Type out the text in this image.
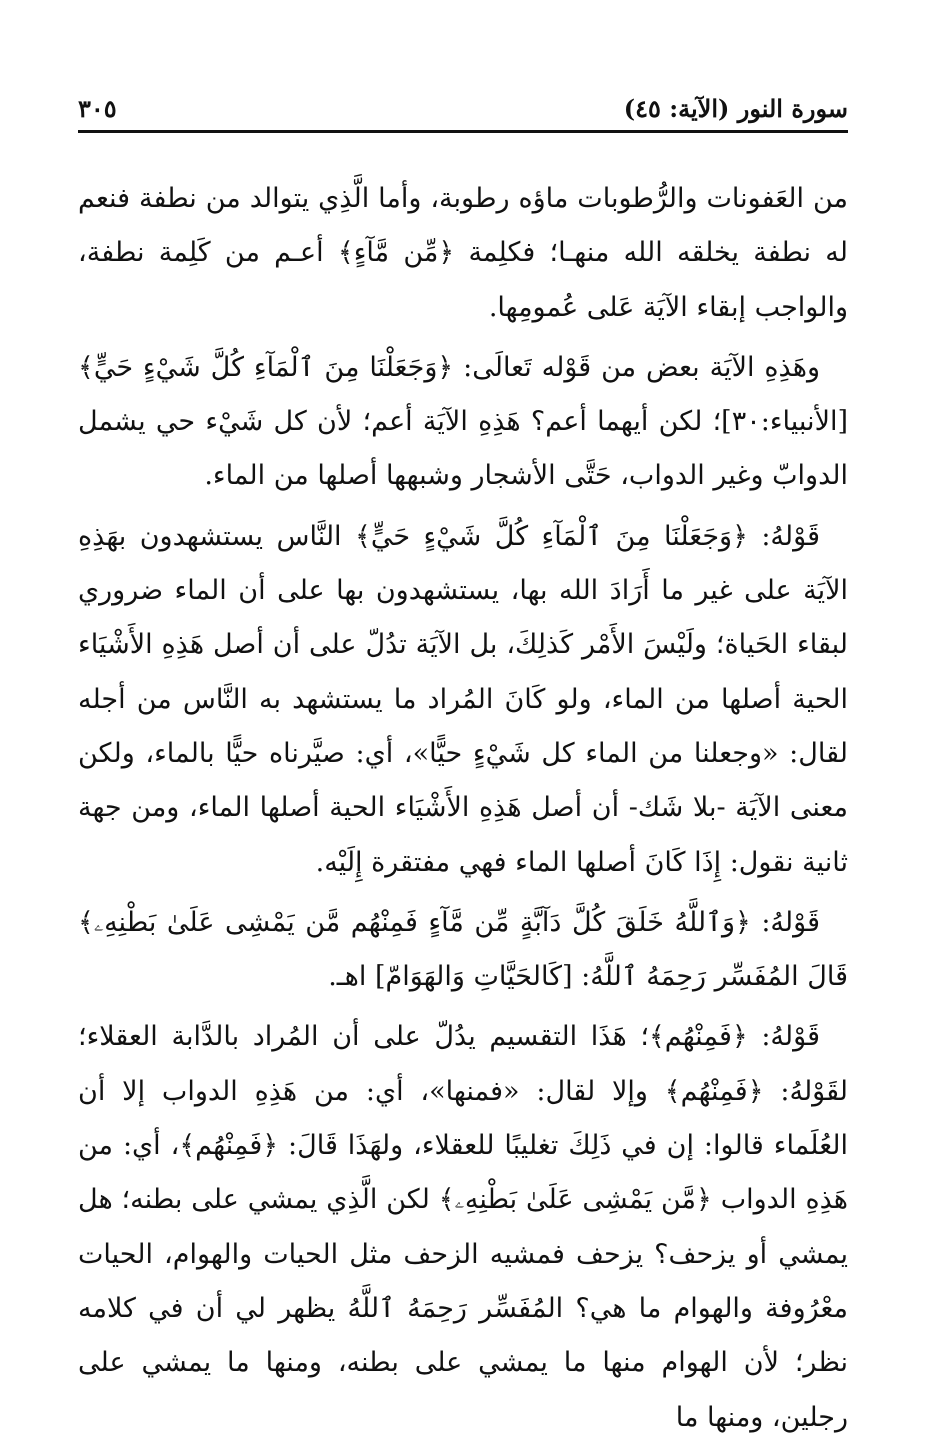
سورة النور (الآية: ٤٥)
٣٠٥

من العَفونات والرُّطوبات ماؤه رطوبة، وأما الَّذِي يتوالد من نطفة فنعم له نطفة يخلقه الله منهـا؛ فكلِمة ﴿مِّن مَّآءٍ﴾ أعـم من كَلِمة نطفة، والواجب إبقاء الآيَة عَلى عُمومِها.

وهَذِهِ الآيَة بعض من قَوْله تَعالَى: ﴿وَجَعَلْنَا مِنَ ٱلْمَآءِ كُلَّ شَيْءٍ حَيٍّ﴾ [الأنبياء:٣٠]؛ لكن أيهما أعم؟ هَذِهِ الآيَة أعم؛ لأن كل شَيْء حي يشمل الدوابّ وغير الدواب، حَتَّى الأشجار وشبهها أصلها من الماء.

قَوْلهُ: ﴿وَجَعَلْنَا مِنَ ٱلْمَآءِ كُلَّ شَيْءٍ حَيٍّ﴾ النَّاس يستشهدون بهَذِهِ الآيَة على غير ما أَرَادَ الله بها، يستشهدون بها على أن الماء ضروري لبقاء الحَياة؛ ولَيْسَ الأَمْر كَذلِكَ، بل الآيَة تدُلّ على أن أصل هَذِهِ الأَشْيَاء الحية أصلها من الماء، ولو كَانَ المُراد ما يستشهد به النَّاس من أجله لقال: «وجعلنا من الماء كل شَيْءٍ حيًّا»، أي: صيَّرناه حيًّا بالماء، ولكن معنى الآيَة -بلا شَك- أن أصل هَذِهِ الأَشْيَاء الحية أصلها الماء، ومن جهة ثانية نقول: إِذَا كَانَ أصلها الماء فهي مفتقرة إِلَيْه.

قَوْلهُ: ﴿وَٱللَّهُ خَلَقَ كُلَّ دَآبَّةٍ مِّن مَّآءٍ فَمِنْهُم مَّن يَمْشِى عَلَىٰ بَطْنِهِۦ﴾ قَالَ المُفَسِّر رَحِمَهُ ٱللَّهُ: [كَالحَيَّاتِ وَالهَوَامّ] اهـ.

قَوْلهُ: ﴿فَمِنْهُم﴾؛ هَذَا التقسيم يدُلّ على أن المُراد بالدَّابة العقلاء؛ لقَوْلهُ: ﴿فَمِنْهُم﴾ وإلا لقال: «فمنها»، أي: من هَذِهِ الدواب إلا أن العُلَماء قالوا: إن في ذَلِكَ تغليبًا للعقلاء، ولهَذَا قَالَ: ﴿فَمِنْهُم﴾، أي: من هَذِهِ الدواب ﴿مَّن يَمْشِى عَلَىٰ بَطْنِهِۦ﴾ لكن الَّذِي يمشي على بطنه؛ هل يمشي أو يزحف؟ يزحف فمشيه الزحف مثل الحيات والهوام، الحيات معْرُوفة والهوام ما هي؟ المُفَسِّر رَحِمَهُ ٱللَّهُ يظهر لي أن في كلامه نظر؛ لأن الهوام منها ما يمشي على بطنه، ومنها ما يمشي على رجلين، ومنها ما
